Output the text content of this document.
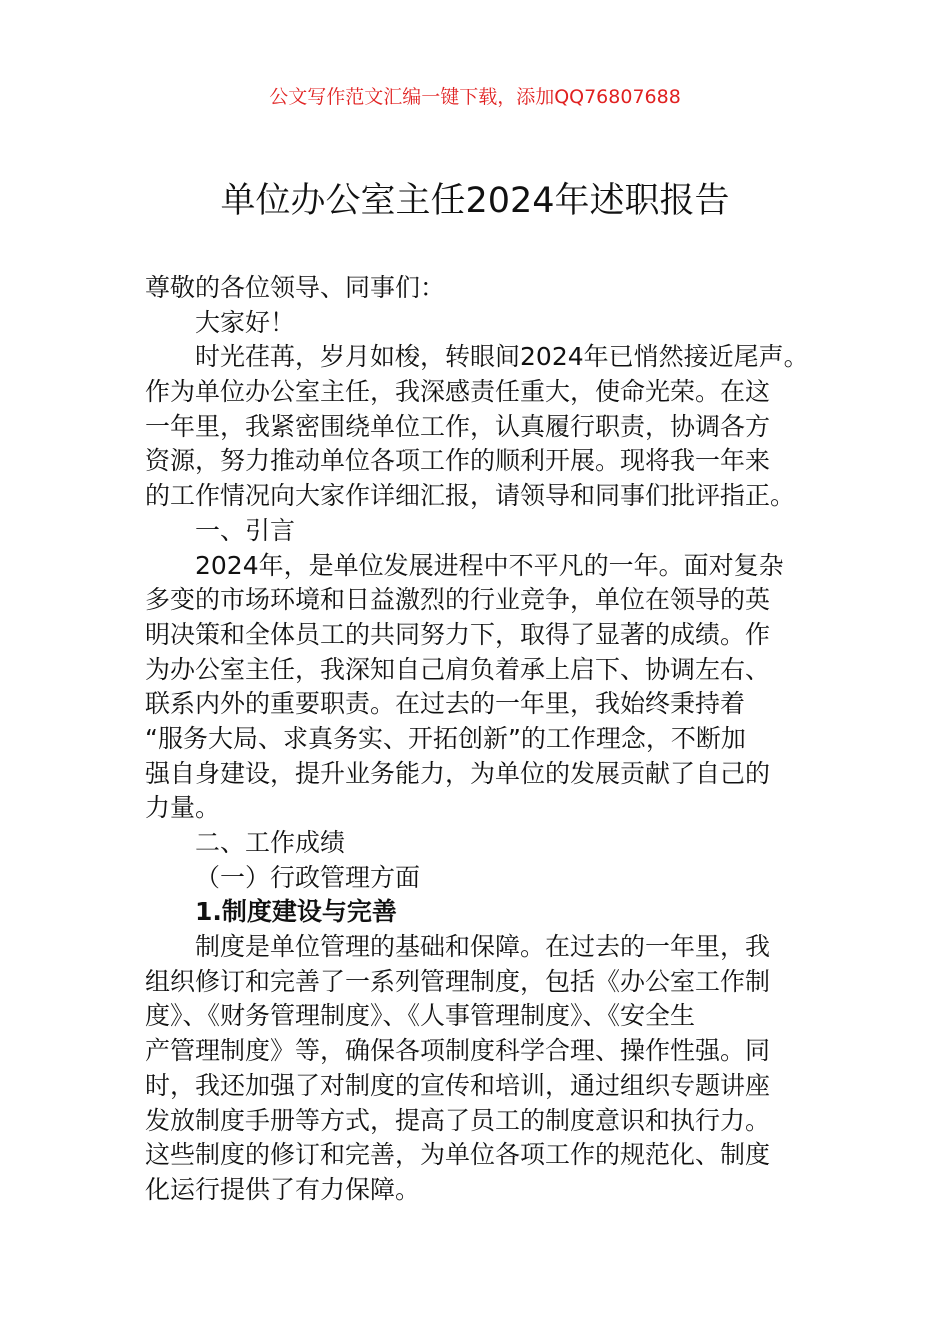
公文写作范文汇编一键下载，添加QQ76807688
单位办公室主任2024年述职报告
尊敬的各位领导、同事们：
大家好！
时光荏苒，岁月如梭，转眼间2024年已悄然接近尾声。
作为单位办公室主任，我深感责任重大，使命光荣。在这
一年里，我紧密围绕单位工作，认真履行职责，协调各方
资源，努力推动单位各项工作的顺利开展。现将我一年来
的工作情况向大家作详细汇报，请领导和同事们批评指正。
一、引言
2024年，是单位发展进程中不平凡的一年。面对复杂
多变的市场环境和日益激烈的行业竞争，单位在领导的英
明决策和全体员工的共同努力下，取得了显著的成绩。作
为办公室主任，我深知自己肩负着承上启下、协调左右、
联系内外的重要职责。在过去的一年里，我始终秉持着
“服务大局、求真务实、开拓创新”的工作理念，不断加
强自身建设，提升业务能力，为单位的发展贡献了自己的
力量。
二、工作成绩
（一）行政管理方面
1.制度建设与完善
制度是单位管理的基础和保障。在过去的一年里，我
组织修订和完善了一系列管理制度，包括《办公室工作制
度》、《财务管理制度》、《人事管理制度》、《安全生
产管理制度》等，确保各项制度科学合理、操作性强。同
时，我还加强了对制度的宣传和培训，通过组织专题讲座
发放制度手册等方式，提高了员工的制度意识和执行力。
这些制度的修订和完善，为单位各项工作的规范化、制度
化运行提供了有力保障。
